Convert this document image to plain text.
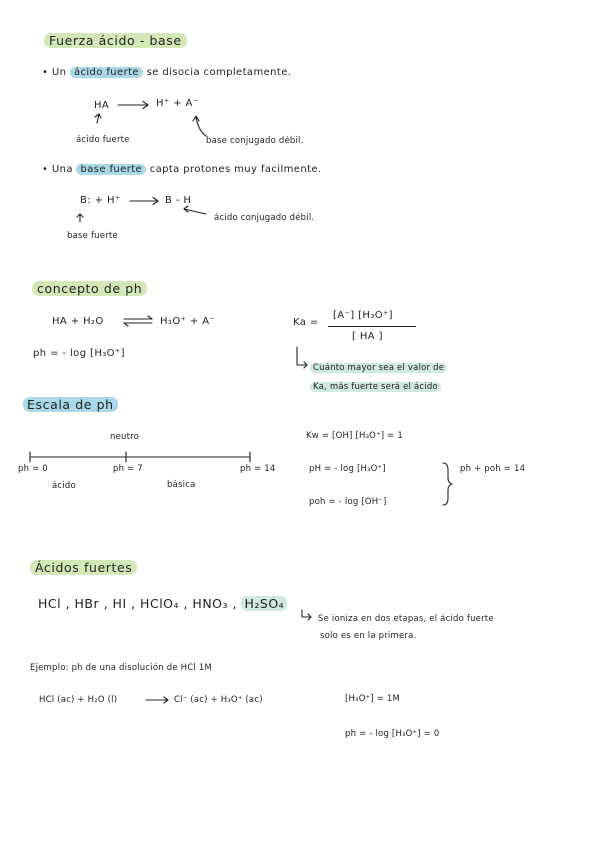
Fuerza ácido - base
• Un ácido fuerte se disocia completamente.
HA	H⁺ + A⁻
ácido fuerte	base conjugado débil.
• Una base fuerte capta protones muy facilmente.
B: + H⁺	B - H
ácido conjugado débil.
base fuerte
concepto de ph
HA + H₂O	H₃O⁺ + A⁻
ph = - log [H₃O⁺]
Ka =
[A⁻] [H₃O⁺]
[ HA ]
Cuánto mayor sea el valor de
Ka, más fuerte será el ácido
Escala de ph
neutro
ph = 0	ph = 7	ph = 14
ácido	básica
Kw = [OH] [H₃O⁺] = 1
pH = - log [H₃O⁺]
poh = - log [OH⁻]
ph + poh = 14
Ácidos fuertes
HCl , HBr , HI , HClO₄ , HNO₃ , H₂SO₄
Se ioniza en dos etapas, el ácido fuerte
solo es en la primera.
Ejemplo: ph de una disolución de HCl 1M
HCl (ac) + H₂O (l)	Cl⁻ (ac) + H₃O⁺ (ac)	[H₃O⁺] = 1M
ph = - log [H₃O⁺] = 0
